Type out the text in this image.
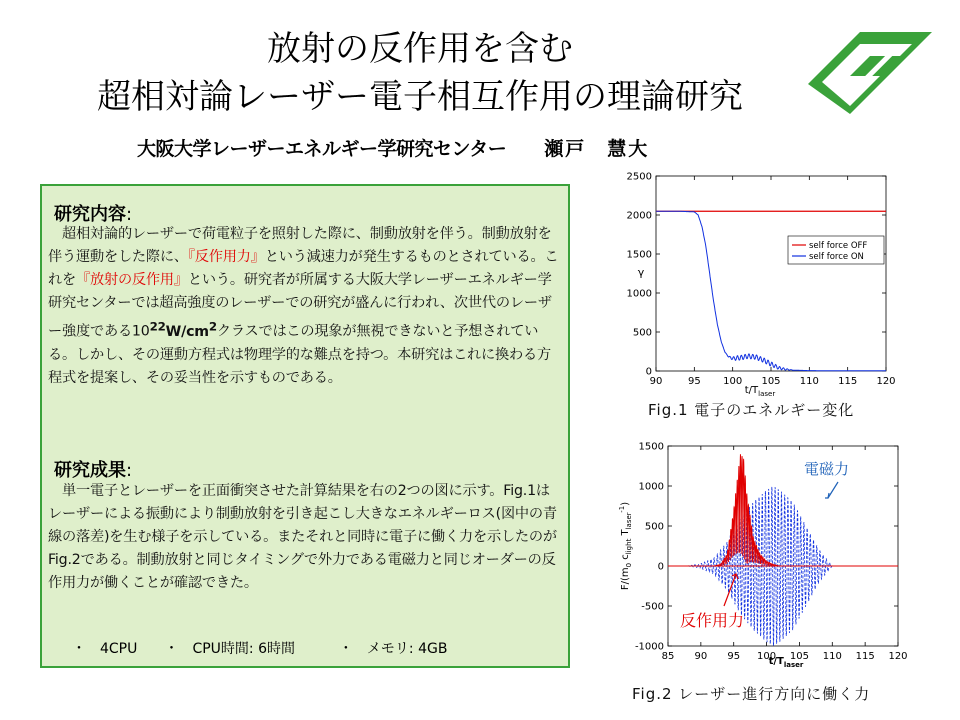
放射の反作用を含む
超相対論レーザー電子相互作用の理論研究
大阪大学レーザーエネルギー学研究センター 瀬戸　慧大
研究内容:
　超相対論的レーザーで荷電粒子を照射した際に、制動放射を伴う。制動放射を伴う運動をした際に、『反作用力』という減速力が発生するものとされている。これを『放射の反作用』という。研究者が所属する大阪大学レーザーエネルギー学研究センターでは超高強度のレーザーでの研究が盛んに行われ、次世代のレーザー強度である$10^{22}W/cm^2$クラスではこの現象が無視できないと予想されている。しかし、その運動方程式は物理学的な難点を持つ。本研究はこれに換わる方程式を提案し、その妥当性を示すものである。
研究成果:
　単一電子とレーザーを正面衝突させた計算結果を右の2つの図に示す。Fig.1はレーザーによる振動により制動放射を引き起こし大きなエネルギーロス(図中の青線の落差)を生む様子を示している。またそれと同時に電子に働く力を示したのがFig.2である。制動放射と同じタイミングで外力である電磁力と同じオーダーの反作用力が働くことが確認できた。
・　4CPU ・　CPU時間: 6時間	・　メモリ: 4GB
90	95 100 105 110 115 120
0
500
1000
1500
2000
2500
self force OFF
self force ON
γ
$t/T_{laser}$
Fig.1 電子のエネルギー変化
85 90 95 100 105 110 115 120
-1000
-500
0
500
1000
1500
電磁力
反作用力
$F/(m_0$ $c_{light}$ $T_{laser}^{-1}$)
$t/T_{laser}$
Fig.2 レーザー進行方向に働く力
